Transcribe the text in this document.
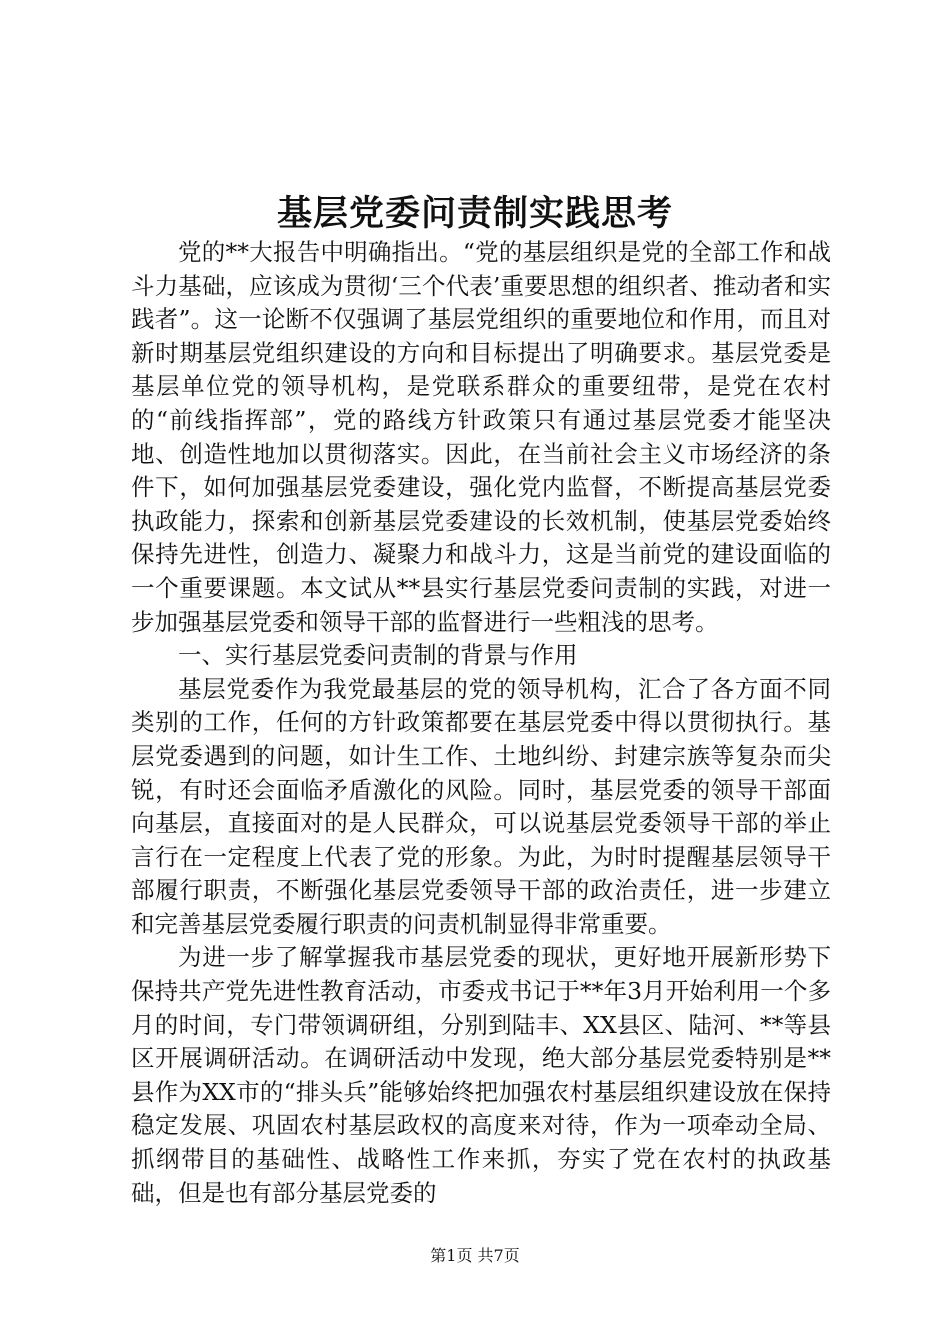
基层党委问责制实践思考

党的**大报告中明确指出。“党的基层组织是党的全部工作和战斗力基础，应该成为贯彻‘三个代表’重要思想的组织者、推动者和实践者”。这一论断不仅强调了基层党组织的重要地位和作用，而且对新时期基层党组织建设的方向和目标提出了明确要求。基层党委是基层单位党的领导机构，是党联系群众的重要纽带，是党在农村的“前线指挥部”，党的路线方针政策只有通过基层党委才能坚决地、创造性地加以贯彻落实。因此，在当前社会主义市场经济的条件下，如何加强基层党委建设，强化党内监督，不断提高基层党委执政能力，探索和创新基层党委建设的长效机制，使基层党委始终保持先进性，创造力、凝聚力和战斗力，这是当前党的建设面临的一个重要课题。本文试从**县实行基层党委问责制的实践，对进一步加强基层党委和领导干部的监督进行一些粗浅的思考。

一、实行基层党委问责制的背景与作用

基层党委作为我党最基层的党的领导机构，汇合了各方面不同类别的工作，任何的方针政策都要在基层党委中得以贯彻执行。基层党委遇到的问题，如计生工作、土地纠纷、封建宗族等复杂而尖锐，有时还会面临矛盾激化的风险。同时，基层党委的领导干部面向基层，直接面对的是人民群众，可以说基层党委领导干部的举止言行在一定程度上代表了党的形象。为此，为时时提醒基层领导干部履行职责，不断强化基层党委领导干部的政治责任，进一步建立和完善基层党委履行职责的问责机制显得非常重要。

为进一步了解掌握我市基层党委的现状，更好地开展新形势下保持共产党先进性教育活动，市委戎书记于**年3月开始利用一个多月的时间，专门带领调研组，分别到陆丰、XX县区、陆河、**等县区开展调研活动。在调研活动中发现，绝大部分基层党委特别是**县作为XX市的“排头兵”能够始终把加强农村基层组织建设放在保持稳定发展、巩固农村基层政权的高度来对待，作为一项牵动全局、抓纲带目的基础性、战略性工作来抓，夯实了党在农村的执政基础，但是也有部分基层党委的

第1页 共7页
